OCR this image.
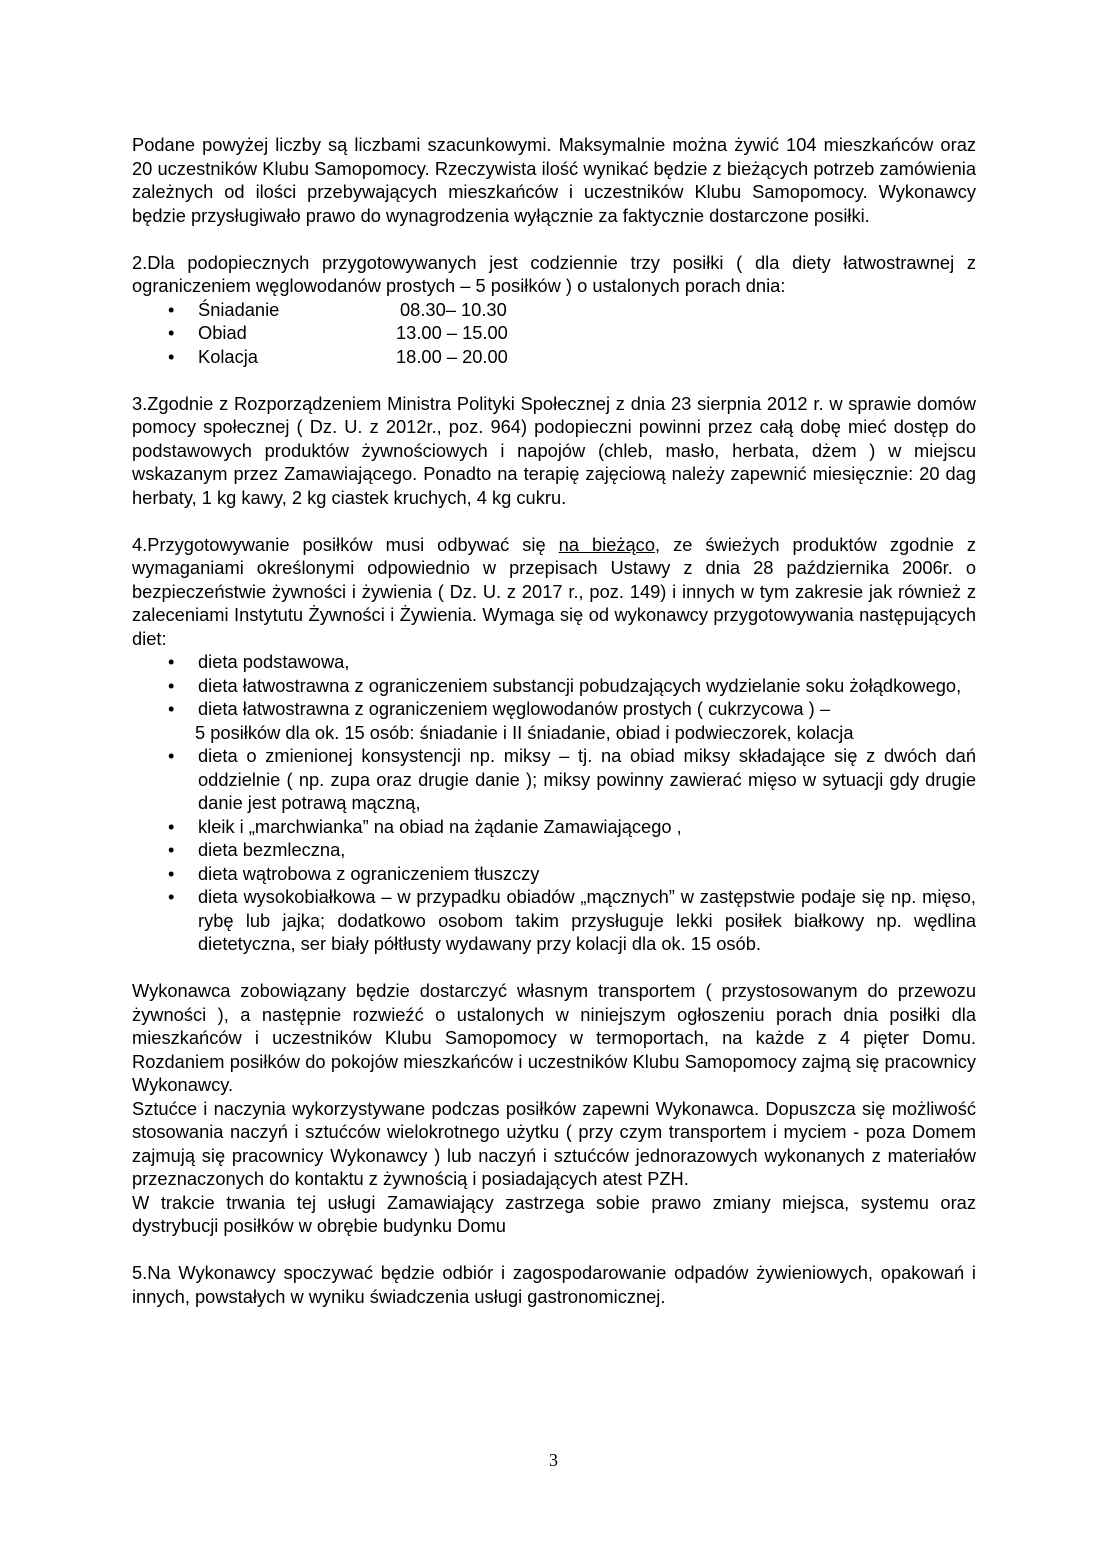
Podane powyżej liczby są liczbami szacunkowymi. Maksymalnie można żywić 104 mieszkańców oraz 20 uczestników Klubu Samopomocy. Rzeczywista ilość wynikać będzie z bieżących potrzeb zamówienia zależnych od ilości przebywających mieszkańców i uczestników Klubu Samopomocy. Wykonawcy będzie przysługiwało prawo do wynagrodzenia wyłącznie za faktycznie dostarczone posiłki.

2.Dla podopiecznych przygotowywanych jest codziennie trzy posiłki ( dla diety łatwostrawnej z ograniczeniem węglowodanów prostych – 5 posiłków ) o ustalonych porach dnia:

• Śniadanie	08.30– 10.30
• Obiad	13.00 – 15.00
• Kolacja	18.00 – 20.00

3.Zgodnie z Rozporządzeniem Ministra Polityki Społecznej z dnia 23 sierpnia 2012 r. w sprawie domów pomocy społecznej ( Dz. U. z 2012r., poz. 964) podopieczni powinni przez całą dobę mieć dostęp do podstawowych produktów żywnościowych i napojów (chleb, masło, herbata, dżem ) w miejscu wskazanym przez Zamawiającego. Ponadto na terapię zajęciową należy zapewnić miesięcznie: 20 dag herbaty, 1 kg kawy, 2 kg ciastek kruchych, 4 kg cukru.

4.Przygotowywanie posiłków musi odbywać się na bieżąco, ze świeżych produktów zgodnie z wymaganiami określonymi odpowiednio w przepisach Ustawy z dnia 28 października 2006r. o bezpieczeństwie żywności i żywienia ( Dz. U. z 2017 r., poz. 149) i innych w tym zakresie jak również z zaleceniami Instytutu Żywności i Żywienia. Wymaga się od wykonawcy przygotowywania następujących diet:

• dieta podstawowa,
• dieta łatwostrawna z ograniczeniem substancji pobudzających wydzielanie soku żołądkowego,
• dieta łatwostrawna z ograniczeniem węglowodanów prostych ( cukrzycowa ) –
5 posiłków dla ok. 15 osób: śniadanie i II śniadanie, obiad i podwieczorek, kolacja
• dieta o zmienionej konsystencji np. miksy – tj. na obiad miksy składające się z dwóch dań oddzielnie ( np. zupa oraz drugie danie ); miksy powinny zawierać mięso w sytuacji gdy drugie danie jest potrawą mączną,
• kleik i „marchwianka” na obiad na żądanie Zamawiającego ,
• dieta bezmleczna,
• dieta wątrobowa z ograniczeniem tłuszczy
• dieta wysokobiałkowa – w przypadku obiadów „mącznych” w zastępstwie podaje się np. mięso, rybę lub jajka; dodatkowo osobom takim przysługuje lekki posiłek białkowy np. wędlina dietetyczna, ser biały półtłusty wydawany przy kolacji dla ok. 15 osób.

Wykonawca zobowiązany będzie dostarczyć własnym transportem ( przystosowanym do przewozu żywności ), a następnie rozwieźć o ustalonych w niniejszym ogłoszeniu porach dnia posiłki dla mieszkańców i uczestników Klubu Samopomocy w termoportach, na każde z 4 pięter Domu. Rozdaniem posiłków do pokojów mieszkańców i uczestników Klubu Samopomocy zajmą się pracownicy Wykonawcy.

Sztućce i naczynia wykorzystywane podczas posiłków zapewni Wykonawca. Dopuszcza się możliwość stosowania naczyń i sztućców wielokrotnego użytku ( przy czym transportem i myciem - poza Domem zajmują się pracownicy Wykonawcy ) lub naczyń i sztućców jednorazowych wykonanych z materiałów przeznaczonych do kontaktu z żywnością i posiadających atest PZH.

W trakcie trwania tej usługi Zamawiający zastrzega sobie prawo zmiany miejsca, systemu oraz dystrybucji posiłków w obrębie budynku Domu

5.Na Wykonawcy spoczywać będzie odbiór i zagospodarowanie odpadów żywieniowych, opakowań i innych, powstałych w wyniku świadczenia usługi gastronomicznej.

3
